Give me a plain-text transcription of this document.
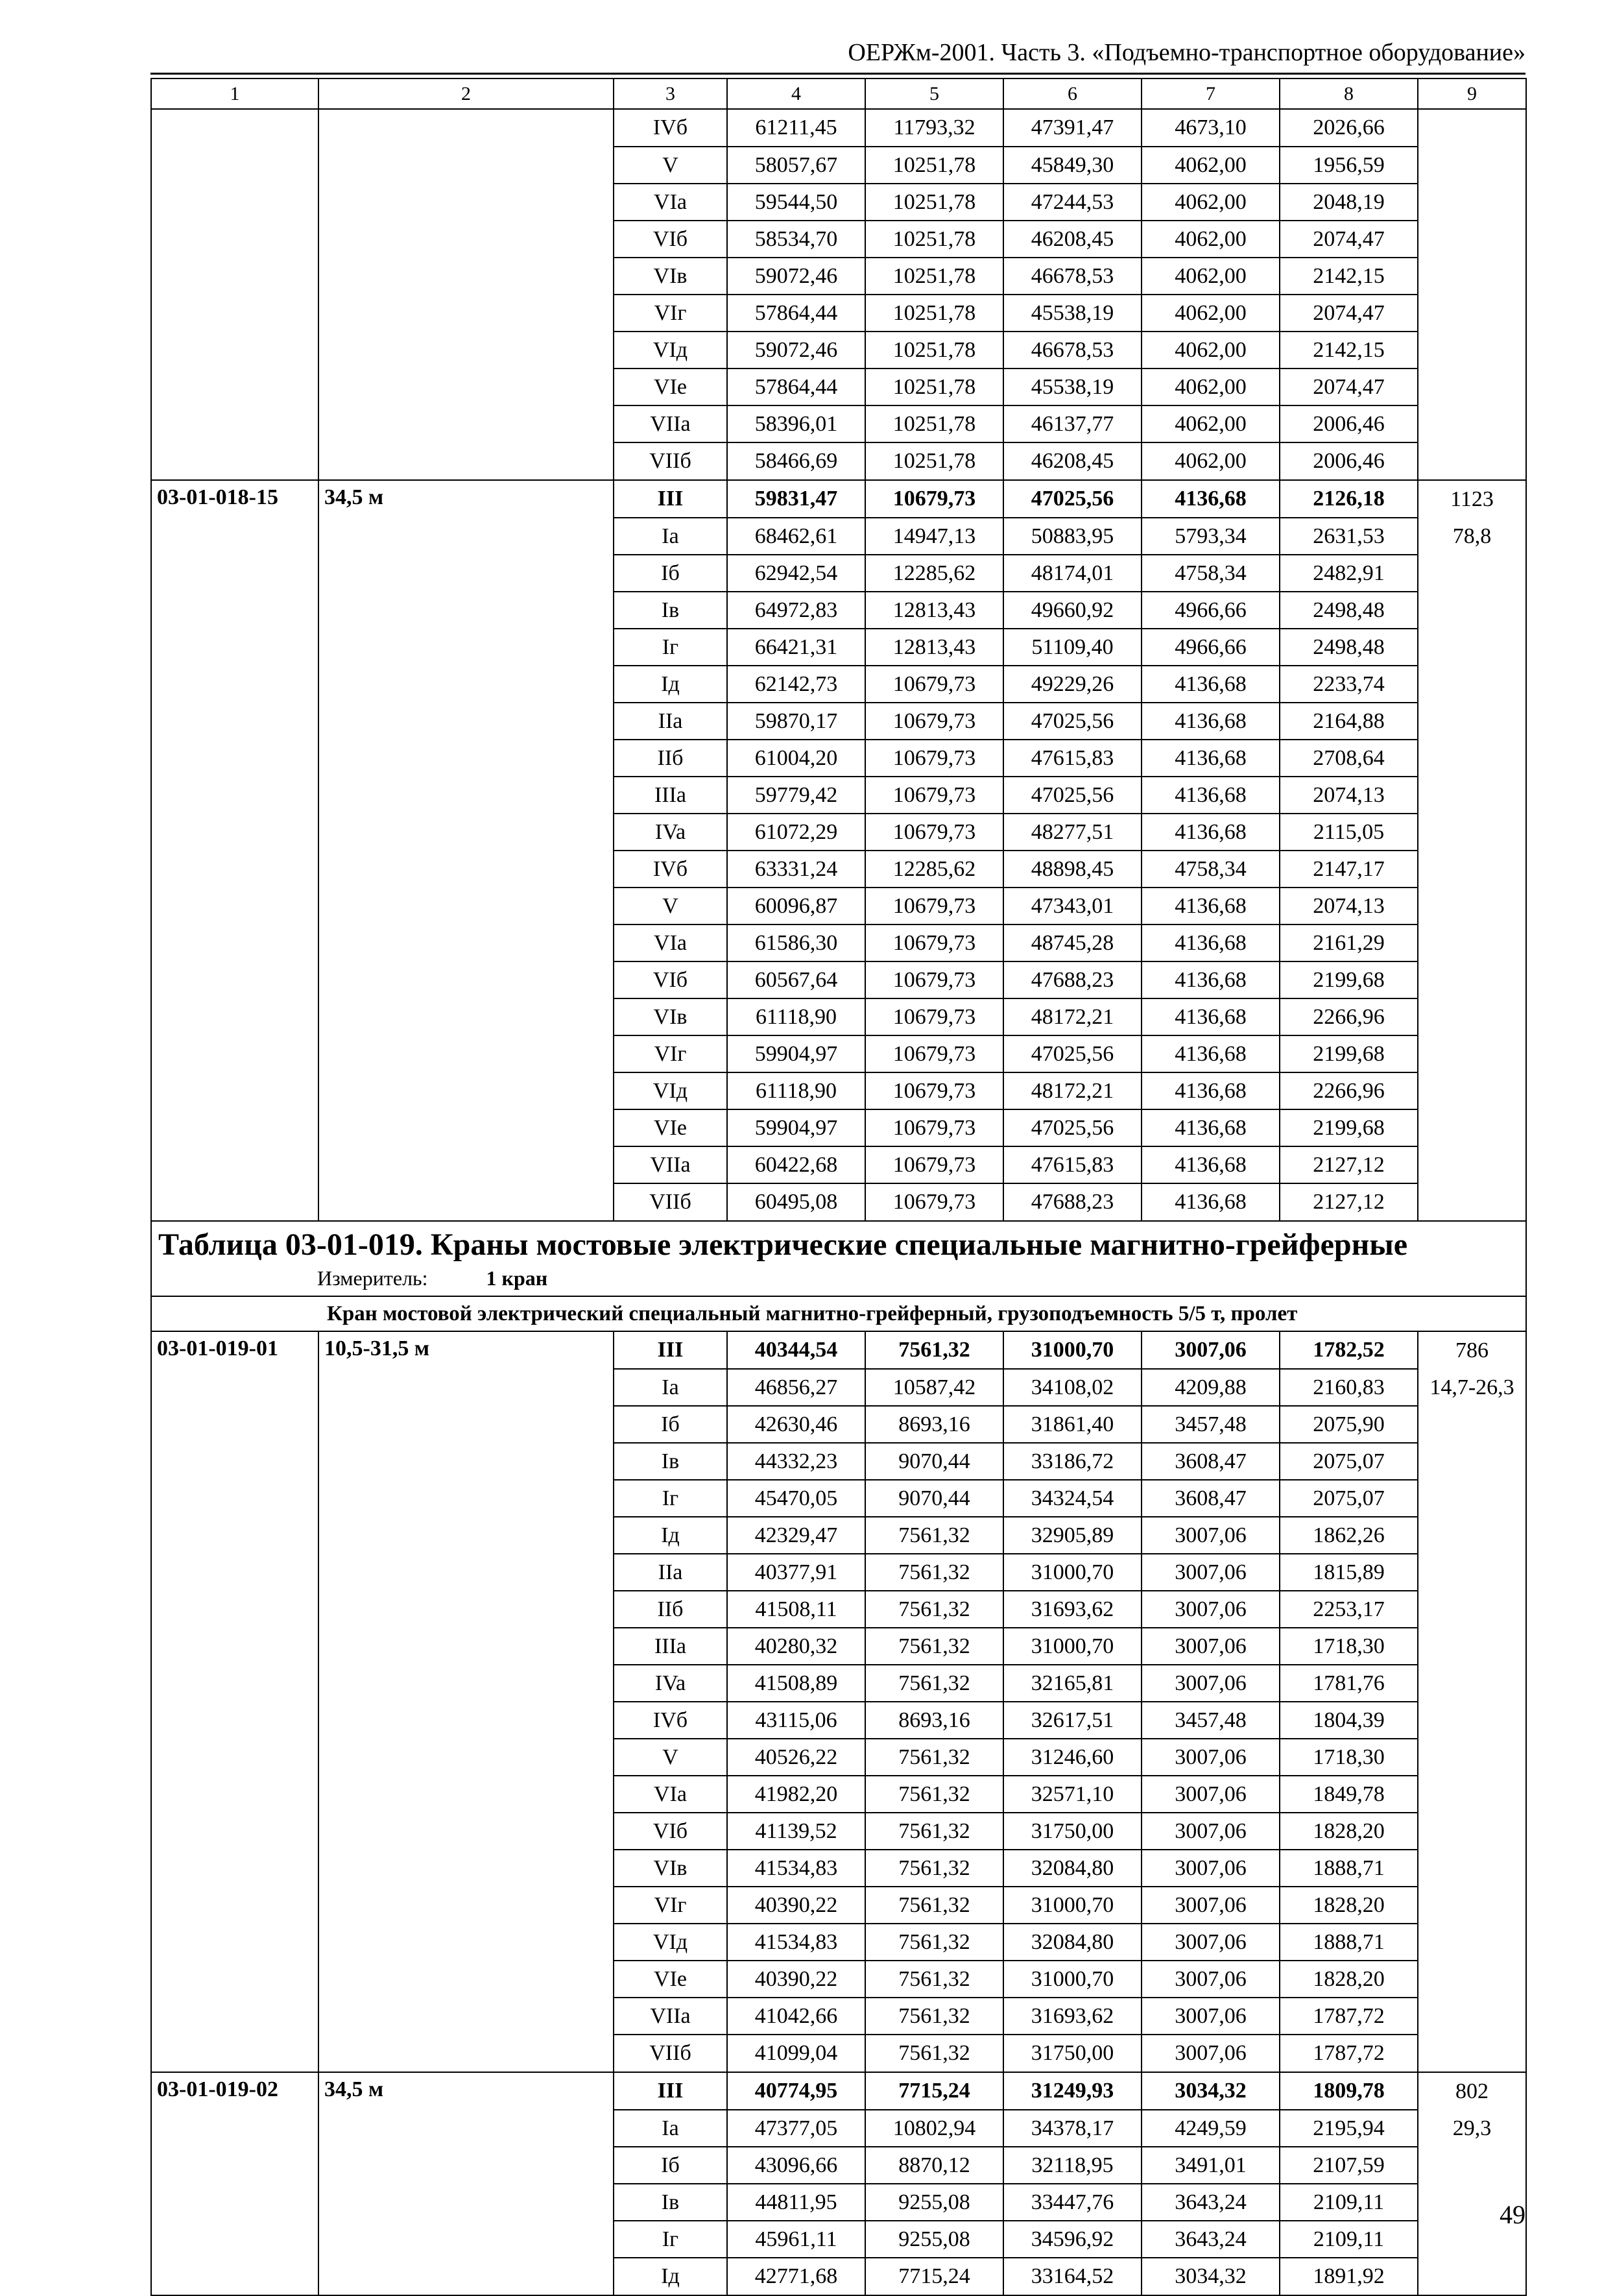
ОЕРЖм-2001. Часть 3. «Подъемно-транспортное оборудование»
1	2	3	4	5	6	7	8	9
		IVб	61211,45	11793,32	47391,47	4673,10	2026,66	
		V	58057,67	10251,78	45849,30	4062,00	1956,59	
		VIa	59544,50	10251,78	47244,53	4062,00	2048,19	
		VIб	58534,70	10251,78	46208,45	4062,00	2074,47	
		VIв	59072,46	10251,78	46678,53	4062,00	2142,15	
		VIг	57864,44	10251,78	45538,19	4062,00	2074,47	
		VIд	59072,46	10251,78	46678,53	4062,00	2142,15	
		VIe	57864,44	10251,78	45538,19	4062,00	2074,47	
		VIIa	58396,01	10251,78	46137,77	4062,00	2006,46	
		VIIб	58466,69	10251,78	46208,45	4062,00	2006,46	
03-01-018-15	34,5 м	III	59831,47	10679,73	47025,56	4136,68	2126,18	1123
		Ia	68462,61	14947,13	50883,95	5793,34	2631,53	78,8
		Iб	62942,54	12285,62	48174,01	4758,34	2482,91	
		Iв	64972,83	12813,43	49660,92	4966,66	2498,48	
		Iг	66421,31	12813,43	51109,40	4966,66	2498,48	
		Iд	62142,73	10679,73	49229,26	4136,68	2233,74	
		IIa	59870,17	10679,73	47025,56	4136,68	2164,88	
		IIб	61004,20	10679,73	47615,83	4136,68	2708,64	
		IIIa	59779,42	10679,73	47025,56	4136,68	2074,13	
		IVa	61072,29	10679,73	48277,51	4136,68	2115,05	
		IVб	63331,24	12285,62	48898,45	4758,34	2147,17	
		V	60096,87	10679,73	47343,01	4136,68	2074,13	
		VIa	61586,30	10679,73	48745,28	4136,68	2161,29	
		VIб	60567,64	10679,73	47688,23	4136,68	2199,68	
		VIв	61118,90	10679,73	48172,21	4136,68	2266,96	
		VIг	59904,97	10679,73	47025,56	4136,68	2199,68	
		VIд	61118,90	10679,73	48172,21	4136,68	2266,96	
		VIe	59904,97	10679,73	47025,56	4136,68	2199,68	
		VIIa	60422,68	10679,73	47615,83	4136,68	2127,12	
		VIIб	60495,08	10679,73	47688,23	4136,68	2127,12	

Таблица 03-01-019. Краны мостовые электрические специальные магнитно-грейферные
Измеритель: 1 кран								

Кран мостовой электрический специальный магнитно-грейферный, грузоподъемность 5/5 т, пролет								
03-01-019-01	10,5-31,5 м	III	40344,54	7561,32	31000,70	3007,06	1782,52	786
		Ia	46856,27	10587,42	34108,02	4209,88	2160,83	14,7-26,3
		Iб	42630,46	8693,16	31861,40	3457,48	2075,90	
		Iв	44332,23	9070,44	33186,72	3608,47	2075,07	
		Iг	45470,05	9070,44	34324,54	3608,47	2075,07	
		Iд	42329,47	7561,32	32905,89	3007,06	1862,26	
		IIa	40377,91	7561,32	31000,70	3007,06	1815,89	
		IIб	41508,11	7561,32	31693,62	3007,06	2253,17	
		IIIa	40280,32	7561,32	31000,70	3007,06	1718,30	
		IVa	41508,89	7561,32	32165,81	3007,06	1781,76	
		IVб	43115,06	8693,16	32617,51	3457,48	1804,39	
		V	40526,22	7561,32	31246,60	3007,06	1718,30	
		VIa	41982,20	7561,32	32571,10	3007,06	1849,78	
		VIб	41139,52	7561,32	31750,00	3007,06	1828,20	
		VIв	41534,83	7561,32	32084,80	3007,06	1888,71	
		VIг	40390,22	7561,32	31000,70	3007,06	1828,20	
		VIд	41534,83	7561,32	32084,80	3007,06	1888,71	
		VIe	40390,22	7561,32	31000,70	3007,06	1828,20	
		VIIa	41042,66	7561,32	31693,62	3007,06	1787,72	
		VIIб	41099,04	7561,32	31750,00	3007,06	1787,72	
03-01-019-02	34,5 м	III	40774,95	7715,24	31249,93	3034,32	1809,78	802
		Ia	47377,05	10802,94	34378,17	4249,59	2195,94	29,3
		Iб	43096,66	8870,12	32118,95	3491,01	2107,59	
		Iв	44811,95	9255,08	33447,76	3643,24	2109,11	
		Iг	45961,11	9255,08	34596,92	3643,24	2109,11	
		Iд	42771,68	7715,24	33164,52	3034,32	1891,92	
49
